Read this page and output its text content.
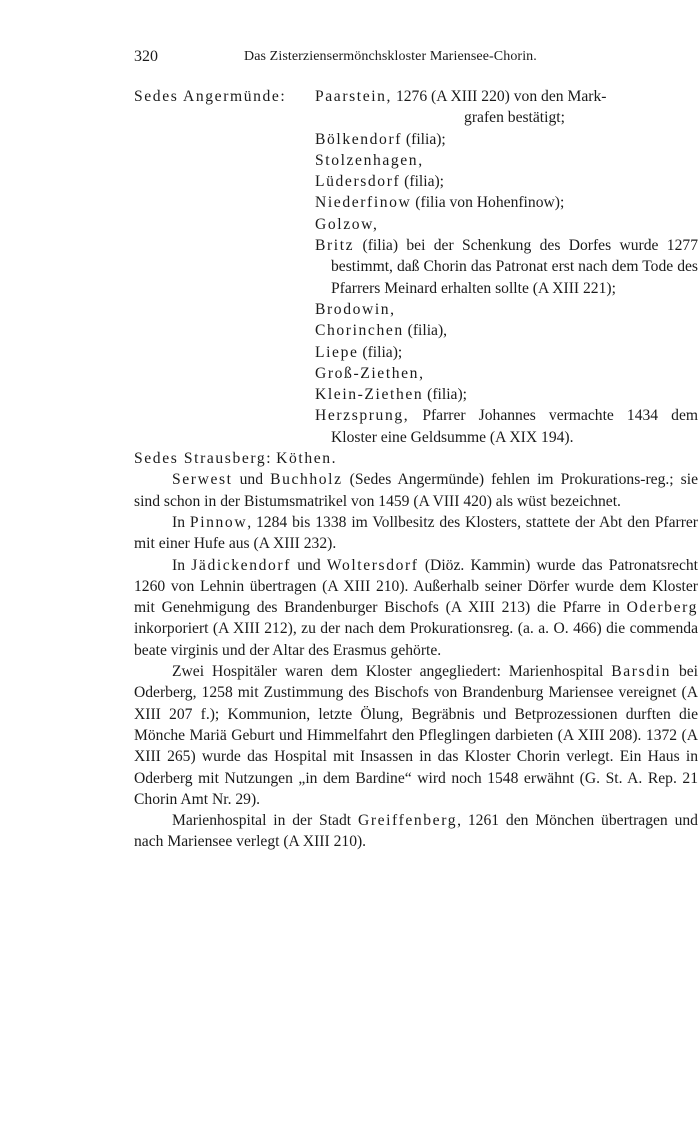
320	Das Zisterziensermönchskloster Mariensee-Chorin.
Sedes Angermünde: Paarstein, 1276 (A XIII 220) von den Mark-
grafen bestätigt;
Bölkendorf (filia);
Stolzenhagen,
Lüdersdorf (filia);
Niederfinow (filia von Hohenfinow);
Golzow,
Britz (filia) bei der Schenkung des Dorfes wurde 1277 bestimmt, daß Chorin das Patronat erst nach dem Tode des Pfarrers Meinard erhalten sollte (A XIII 221);
Brodowin,
Chorinchen (filia),
Liepe (filia);
Groß-Ziethen,
Klein-Ziethen (filia);
Herzsprung, Pfarrer Johannes vermachte 1434 dem Kloster eine Geldsumme (A XIX 194).
Sedes Strausberg: Köthen.

Serwest und Buchholz (Sedes Angermünde) fehlen im Prokurations-reg.; sie sind schon in der Bistumsmatrikel von 1459 (A VIII 420) als wüst bezeichnet.

In Pinnow, 1284 bis 1338 im Vollbesitz des Klosters, stattete der Abt den Pfarrer mit einer Hufe aus (A XIII 232).

In Jädickendorf und Woltersdorf (Diöz. Kammin) wurde das Patronatsrecht 1260 von Lehnin übertragen (A XIII 210). Außerhalb seiner Dörfer wurde dem Kloster mit Genehmigung des Brandenburger Bischofs (A XIII 213) die Pfarre in Oderberg inkorporiert (A XIII 212), zu der nach dem Prokurationsreg. (a. a. O. 466) die commenda beate virginis und der Altar des Erasmus gehörte.

Zwei Hospitäler waren dem Kloster angegliedert: Marienhospital Barsdin bei Oderberg, 1258 mit Zustimmung des Bischofs von Brandenburg Mariensee vereignet (A XIII 207 f.); Kommunion, letzte Ölung, Begräbnis und Betprozessionen durften die Mönche Mariä Geburt und Himmelfahrt den Pfleglingen darbieten (A XIII 208). 1372 (A XIII 265) wurde das Hospital mit Insassen in das Kloster Chorin verlegt. Ein Haus in Oderberg mit Nutzungen „in dem Bardine“ wird noch 1548 erwähnt (G. St. A. Rep. 21 Chorin Amt Nr. 29).

Marienhospital in der Stadt Greiffenberg, 1261 den Mönchen übertragen und nach Mariensee verlegt (A XIII 210).
